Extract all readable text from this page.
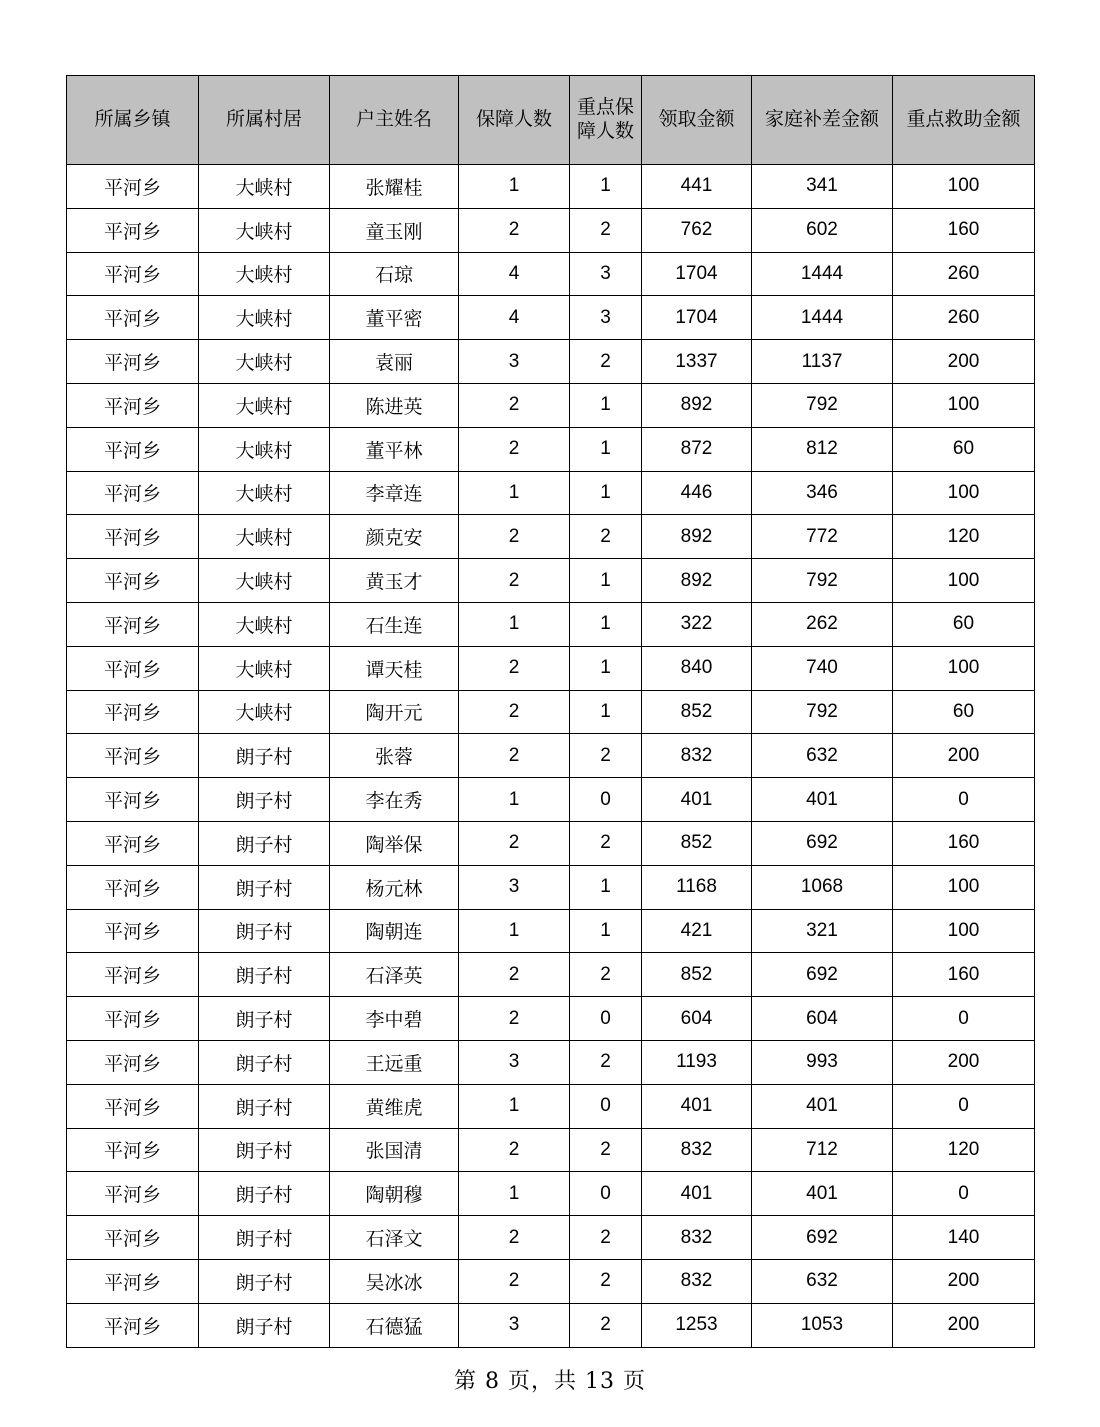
所属乡镇	所属村居	户主姓名	保障人数	重点保障人数	领取金额	家庭补差金额	重点救助金额
平河乡	大峡村	张耀桂	1	1	441	341	100
平河乡	大峡村	童玉刚	2	2	762	602	160
平河乡	大峡村	石琼	4	3	1704	1444	260
平河乡	大峡村	董平密	4	3	1704	1444	260
平河乡	大峡村	袁丽	3	2	1337	1137	200
平河乡	大峡村	陈进英	2	1	892	792	100
平河乡	大峡村	董平林	2	1	872	812	60
平河乡	大峡村	李章连	1	1	446	346	100
平河乡	大峡村	颜克安	2	2	892	772	120
平河乡	大峡村	黄玉才	2	1	892	792	100
平河乡	大峡村	石生连	1	1	322	262	60
平河乡	大峡村	谭天桂	2	1	840	740	100
平河乡	大峡村	陶开元	2	1	852	792	60
平河乡	朗子村	张蓉	2	2	832	632	200
平河乡	朗子村	李在秀	1	0	401	401	0
平河乡	朗子村	陶举保	2	2	852	692	160
平河乡	朗子村	杨元林	3	1	1168	1068	100
平河乡	朗子村	陶朝连	1	1	421	321	100
平河乡	朗子村	石泽英	2	2	852	692	160
平河乡	朗子村	李中碧	2	0	604	604	0
平河乡	朗子村	王远重	3	2	1193	993	200
平河乡	朗子村	黄维虎	1	0	401	401	0
平河乡	朗子村	张国清	2	2	832	712	120
平河乡	朗子村	陶朝穆	1	0	401	401	0
平河乡	朗子村	石泽文	2	2	832	692	140
平河乡	朗子村	吴冰冰	2	2	832	632	200
平河乡	朗子村	石德猛	3	2	1253	1053	200
第 8 页，共 13 页
